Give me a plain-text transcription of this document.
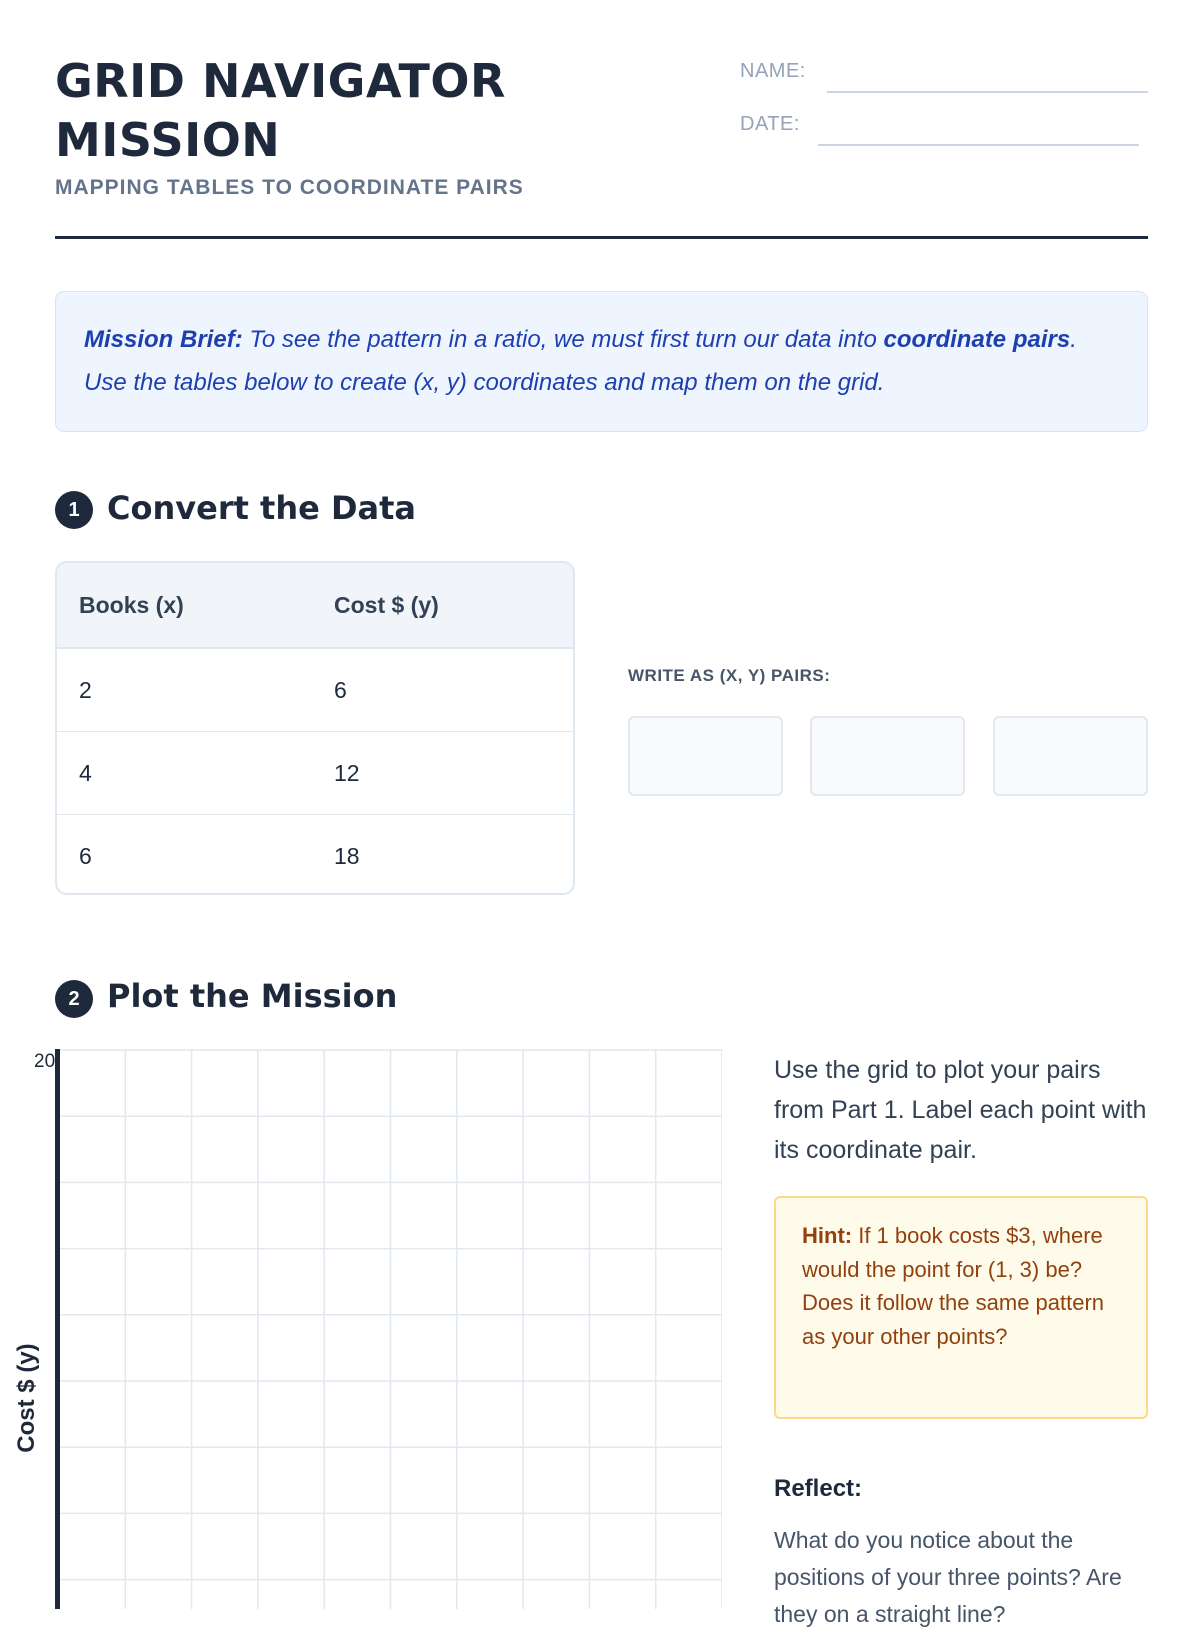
GRID NAVIGATOR
MISSION
MAPPING TABLES TO COORDINATE PAIRS
NAME:
DATE:
Mission Brief: To see the pattern in a ratio, we must first turn our data into coordinate pairs. Use the tables below to create (x, y) coordinates and map them on the grid.
1 Convert the Data
Books (x)	Cost $ (y)
2	6
4	12
6	18
WRITE AS (X, Y) PAIRS:
2 Plot the Mission
20
Cost $ (y)
Use the grid to plot your pairs from Part 1. Label each point with its coordinate pair.
Hint: If 1 book costs $3, where would the point for (1, 3) be? Does it follow the same pattern as your other points?
Reflect:
What do you notice about the positions of your three points? Are they on a straight line?
